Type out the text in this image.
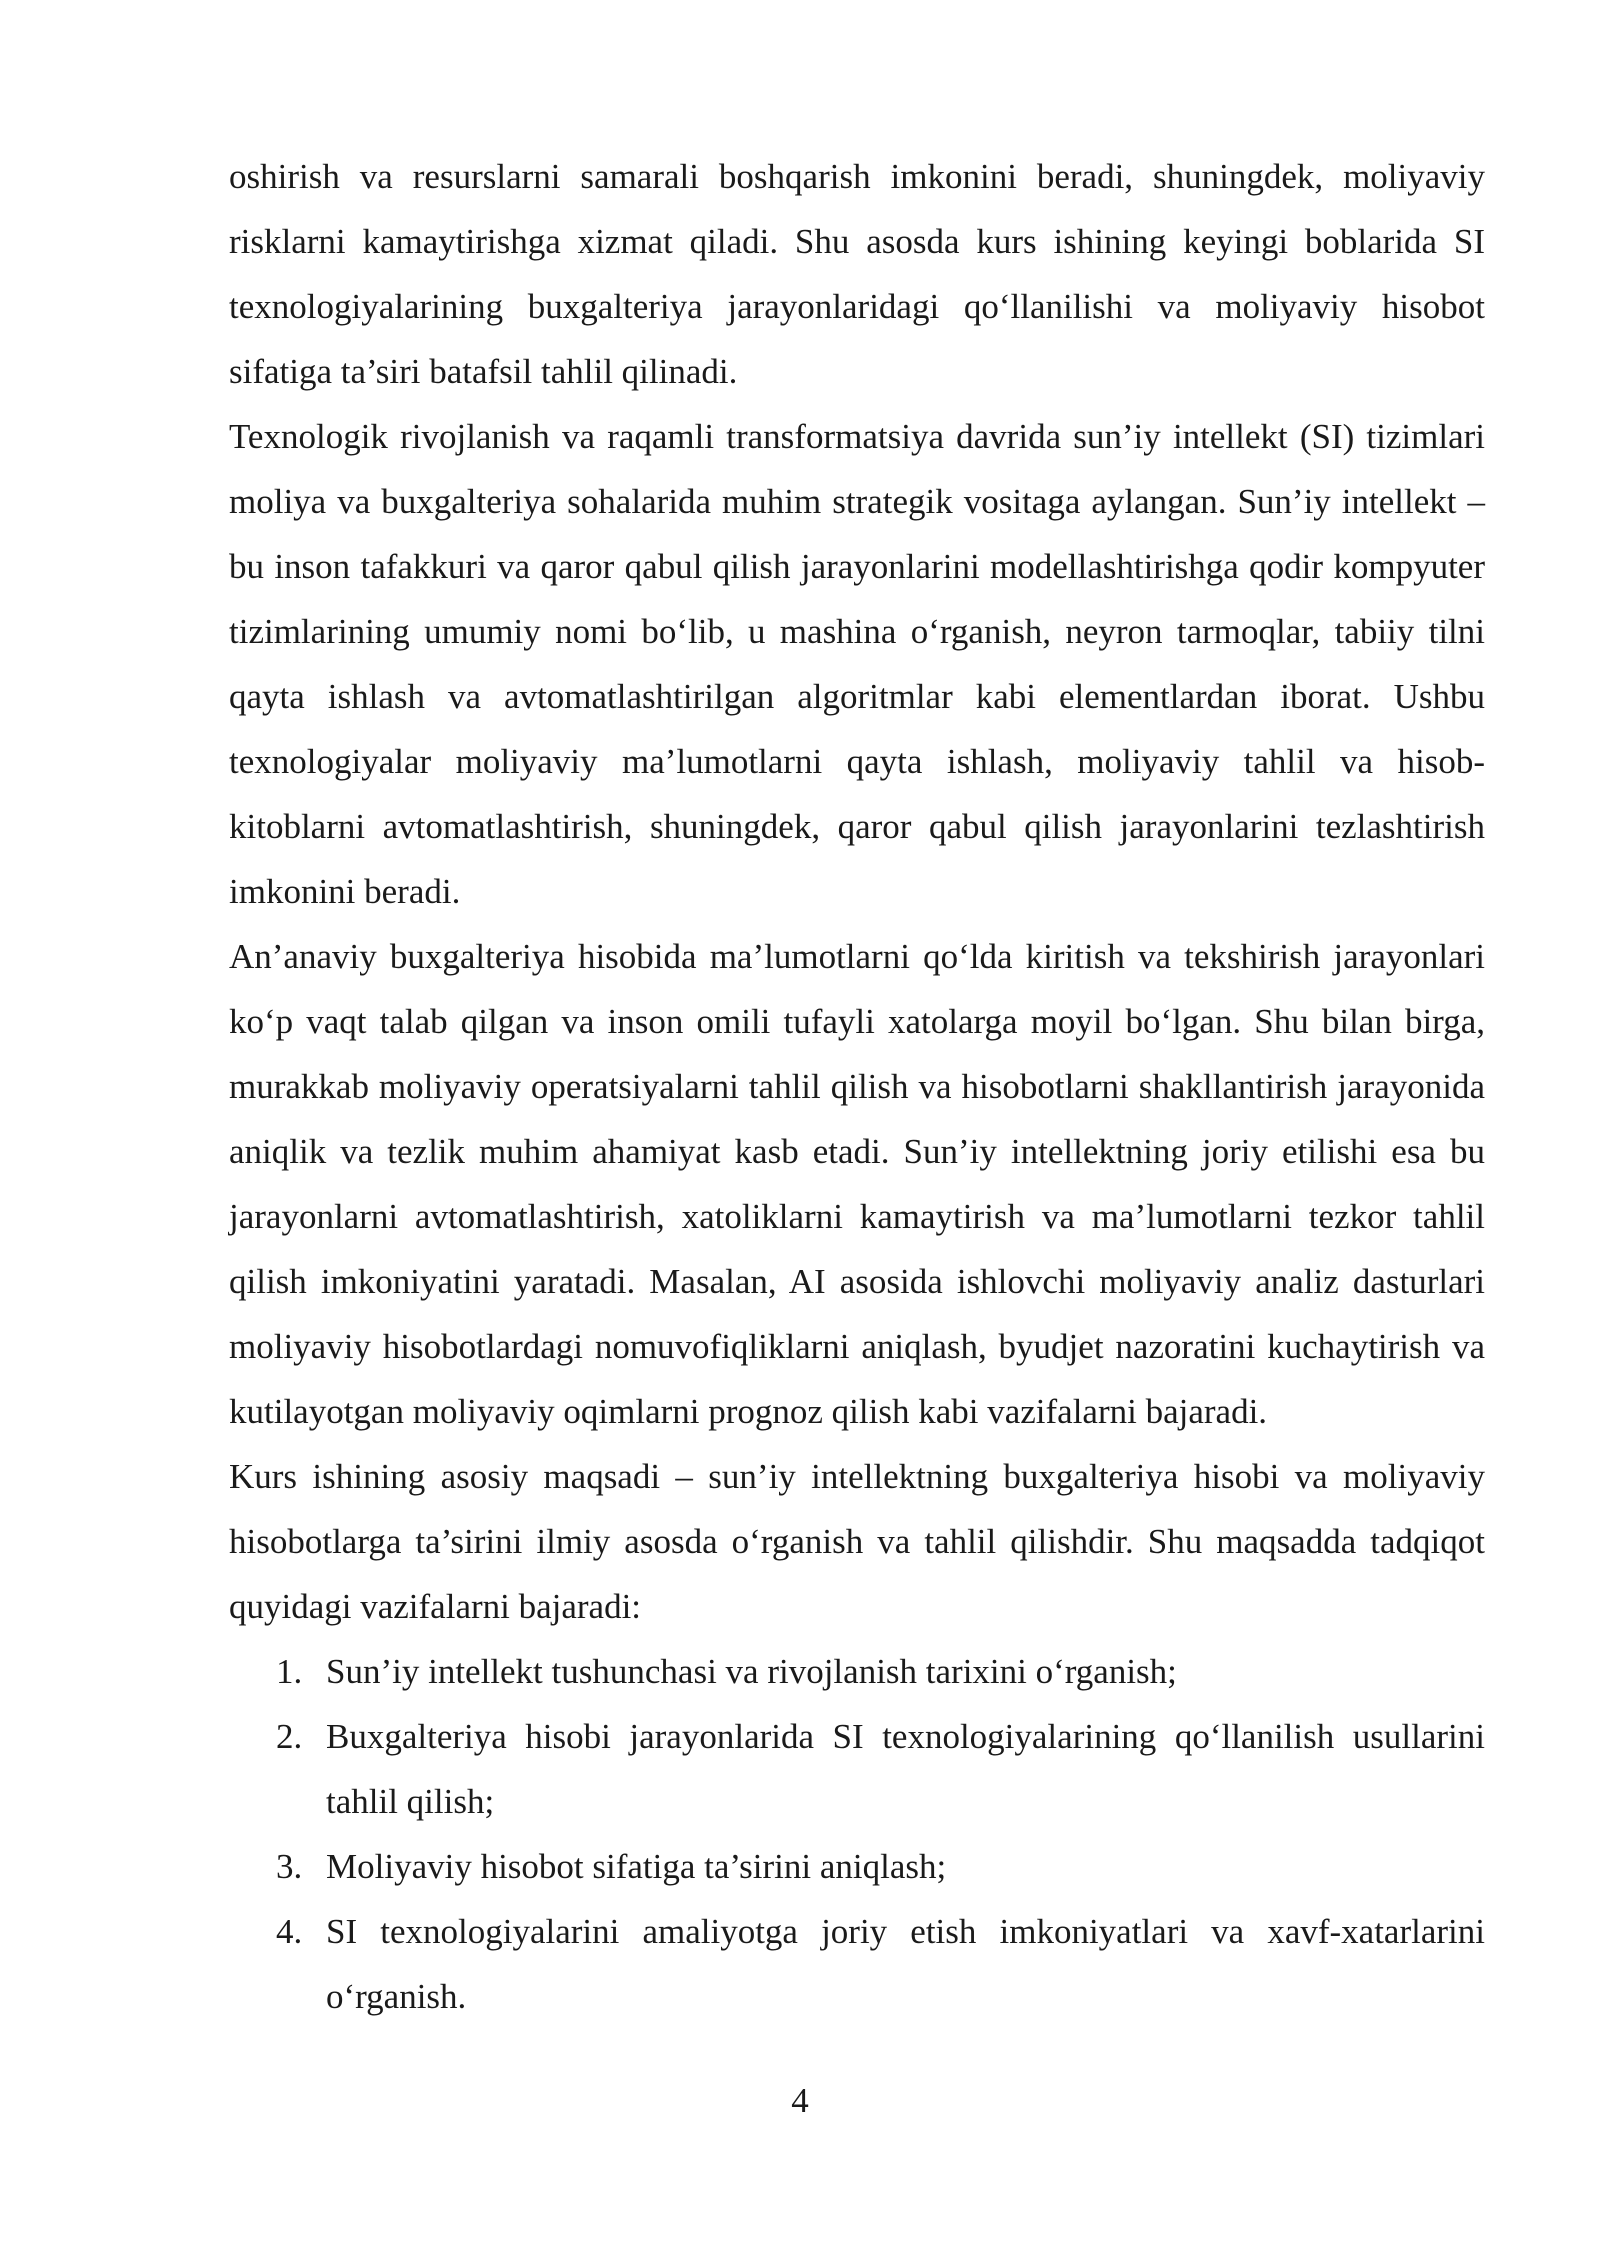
oshirish va resurslarni samarali boshqarish imkonini beradi, shuningdek, moliyaviy risklarni kamaytirishga xizmat qiladi. Shu asosda kurs ishining keyingi boblarida SI texnologiyalarining buxgalteriya jarayonlaridagi qo‘llanilishi va moliyaviy hisobot sifatiga ta’siri batafsil tahlil qilinadi.

Texnologik rivojlanish va raqamli transformatsiya davrida sun’iy intellekt (SI) tizimlari moliya va buxgalteriya sohalarida muhim strategik vositaga aylangan. Sun’iy intellekt – bu inson tafakkuri va qaror qabul qilish jarayonlarini modellashtirishga qodir kompyuter tizimlarining umumiy nomi bo‘lib, u mashina o‘rganish, neyron tarmoqlar, tabiiy tilni qayta ishlash va avtomatlashtirilgan algoritmlar kabi elementlardan iborat. Ushbu texnologiyalar moliyaviy ma’lumotlarni qayta ishlash, moliyaviy tahlil va hisob-kitoblarni avtomatlashtirish, shuningdek, qaror qabul qilish jarayonlarini tezlashtirish imkonini beradi.

An’anaviy buxgalteriya hisobida ma’lumotlarni qo‘lda kiritish va tekshirish jarayonlari ko‘p vaqt talab qilgan va inson omili tufayli xatolarga moyil bo‘lgan. Shu bilan birga, murakkab moliyaviy operatsiyalarni tahlil qilish va hisobotlarni shakllantirish jarayonida aniqlik va tezlik muhim ahamiyat kasb etadi. Sun’iy intellektning joriy etilishi esa bu jarayonlarni avtomatlashtirish, xatoliklarni kamaytirish va ma’lumotlarni tezkor tahlil qilish imkoniyatini yaratadi. Masalan, AI asosida ishlovchi moliyaviy analiz dasturlari moliyaviy hisobotlardagi nomuvofiqliklarni aniqlash, byudjet nazoratini kuchaytirish va kutilayotgan moliyaviy oqimlarni prognoz qilish kabi vazifalarni bajaradi.

Kurs ishining asosiy maqsadi – sun’iy intellektning buxgalteriya hisobi va moliyaviy hisobotlarga ta’sirini ilmiy asosda o‘rganish va tahlil qilishdir. Shu maqsadda tadqiqot quyidagi vazifalarni bajaradi:

1. Sun’iy intellekt tushunchasi va rivojlanish tarixini o‘rganish;
2. Buxgalteriya hisobi jarayonlarida SI texnologiyalarining qo‘llanilish usullarini tahlil qilish;
3. Moliyaviy hisobot sifatiga ta’sirini aniqlash;
4. SI texnologiyalarini amaliyotga joriy etish imkoniyatlari va xavf-xatarlarini o‘rganish.
4
